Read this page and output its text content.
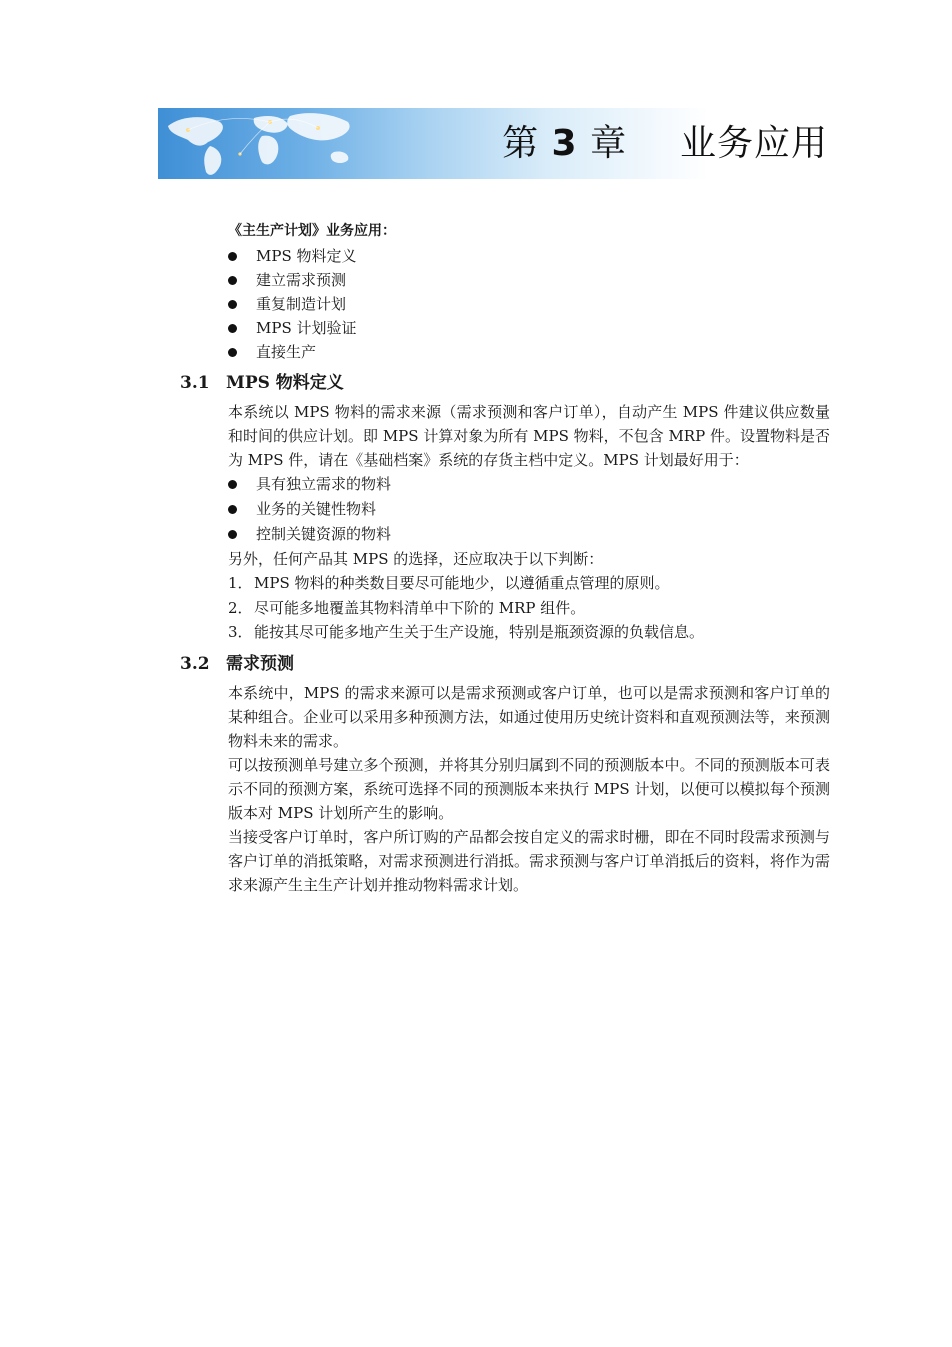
第 3 章 业务应用
《主生产计划》业务应用：
MPS 物料定义
建立需求预测
重复制造计划
MPS 计划验证
直接生产
3.1 MPS 物料定义
本系统以 MPS 物料的需求来源（需求预测和客户订单），自动产生 MPS 件建议供应数量和时间的供应计划。即 MPS 计算对象为所有 MPS 物料，不包含 MRP 件。设置物料是否为 MPS 件，请在《基础档案》系统的存货主档中定义。MPS 计划最好用于：
具有独立需求的物料
业务的关键性物料
控制关键资源的物料
另外，任何产品其 MPS 的选择，还应取决于以下判断：
1．MPS 物料的种类数目要尽可能地少，以遵循重点管理的原则。
2．尽可能多地覆盖其物料清单中下阶的 MRP 组件。
3．能按其尽可能多地产生关于生产设施，特别是瓶颈资源的负载信息。
3.2 需求预测
本系统中，MPS 的需求来源可以是需求预测或客户订单，也可以是需求预测和客户订单的某种组合。企业可以采用多种预测方法，如通过使用历史统计资料和直观预测法等，来预测物料未来的需求。
可以按预测单号建立多个预测，并将其分别归属到不同的预测版本中。不同的预测版本可表示不同的预测方案，系统可选择不同的预测版本来执行 MPS 计划，以便可以模拟每个预测版本对 MPS 计划所产生的影响。
当接受客户订单时，客户所订购的产品都会按自定义的需求时栅，即在不同时段需求预测与客户订单的消抵策略，对需求预测进行消抵。需求预测与客户订单消抵后的资料，将作为需求来源产生主生产计划并推动物料需求计划。
